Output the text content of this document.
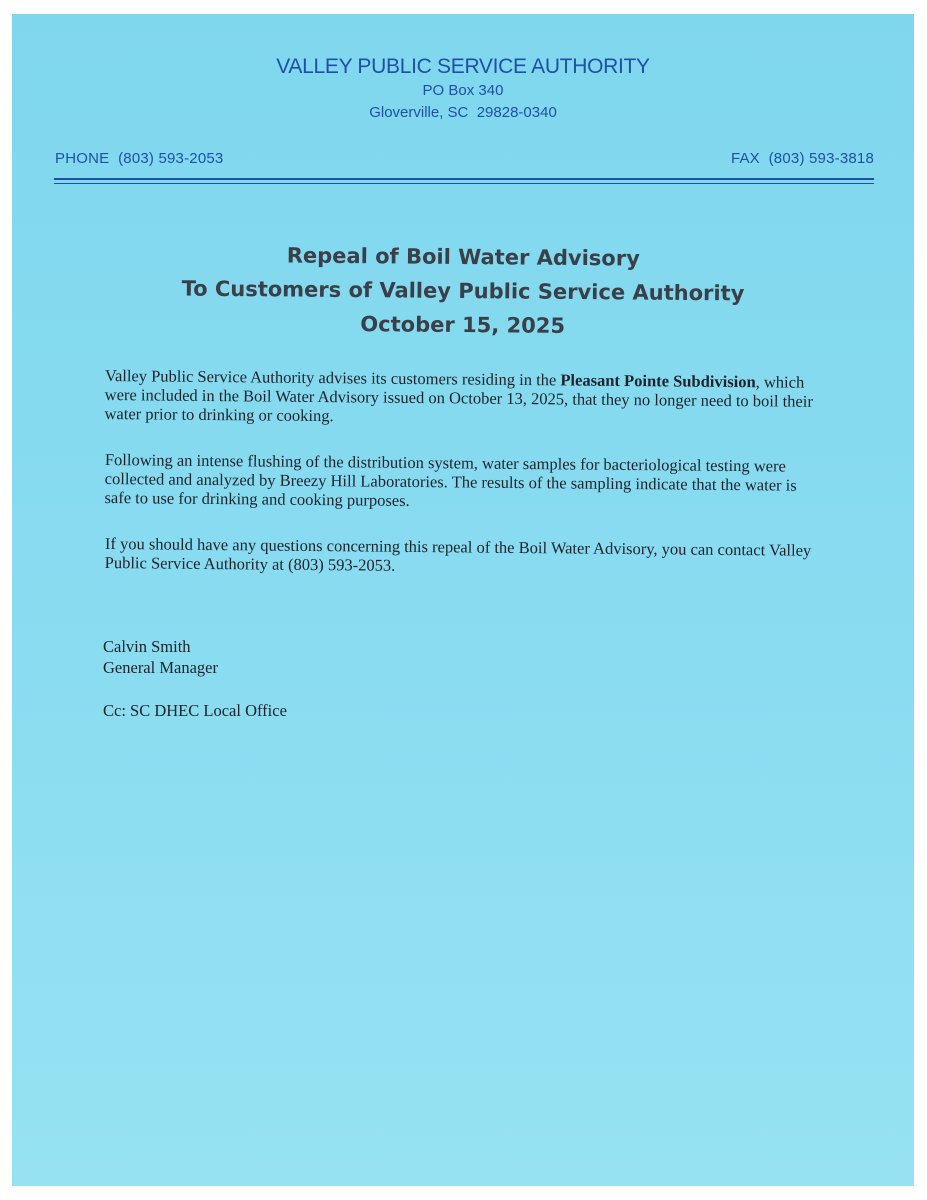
VALLEY PUBLIC SERVICE AUTHORITY
PO Box 340
Gloverville, SC  29828-0340
PHONE  (803) 593-2053	FAX  (803) 593-3818
Repeal of Boil Water Advisory
To Customers of Valley Public Service Authority
October 15, 2025
Valley Public Service Authority advises its customers residing in the Pleasant Pointe Subdivision, which were included in the Boil Water Advisory issued on October 13, 2025, that they no longer need to boil their water prior to drinking or cooking.
Following an intense flushing of the distribution system, water samples for bacteriological testing were collected and analyzed by Breezy Hill Laboratories. The results of the sampling indicate that the water is safe to use for drinking and cooking purposes.
If you should have any questions concerning this repeal of the Boil Water Advisory, you can contact Valley Public Service Authority at (803) 593-2053.
Calvin Smith
General Manager
Cc: SC DHEC Local Office
